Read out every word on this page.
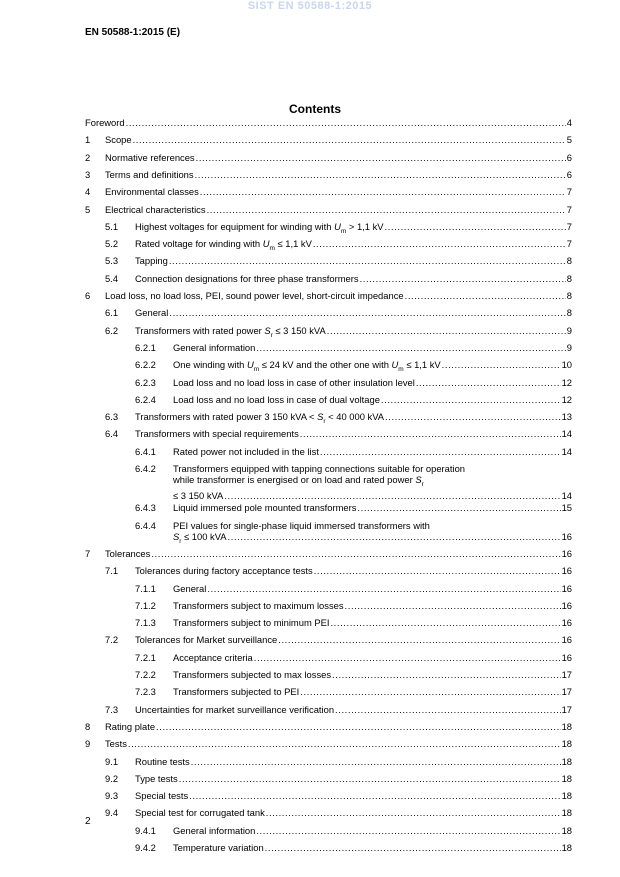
SIST EN 50588-1:2015
EN 50588-1:2015 (E)
Contents
Foreword .....	4
1 Scope .....	5
2 Normative references .....	6
3 Terms and definitions .....	6
4 Environmental classes .....	7
5 Electrical characteristics .....	7
5.1 Highest voltages for equipment for winding with $U_m > 1,1$ kV .....	7
5.2 Rated voltage for winding with $U_m \le 1,1$ kV .....	7
5.3 Tapping .....	8
5.4 Connection designations for three phase transformers .....	8
6 Load loss, no load loss, PEI, sound power level, short-circuit impedance .....	8
6.1 General .....	8
6.2 Transformers with rated power $S_r \le 3$ 150 kVA .....	9
6.2.1 General information .....	9
6.2.2 One winding with $U_m \le 24$ kV and the other one with $U_m \le 1,1$ kV .....	10
6.2.3 Load loss and no load loss in case of other insulation level .....	12
6.2.4 Load loss and no load loss in case of dual voltage .....	12
6.3 Transformers with rated power 3 150 kVA < $S_r < 40$ 000 kVA .....	13
6.4 Transformers with special requirements .....	14
6.4.1 Rated power not included in the list .....	14
6.4.2 Transformers equipped with tapping connections suitable for operation
while transformer is energised or on load and rated power $S_r$
≤ 3 150 kVA .....	14
6.4.3 Liquid immersed pole mounted transformers .....	15
6.4.4 PEI values for single-phase liquid immersed transformers with
$S_r \le 100$ kVA .....	16
7 Tolerances .....	16
7.1 Tolerances during factory acceptance tests .....	16
7.1.1 General .....	16
7.1.2 Transformers subject to maximum losses .....	16
7.1.3 Transformers subject to minimum PEI .....	16
7.2 Tolerances for Market surveillance .....	16
7.2.1 Acceptance criteria .....	16
7.2.2 Transformers subjected to max losses .....	17
7.2.3 Transformers subjected to PEI .....	17
7.3 Uncertainties for market surveillance verification .....	17
8 Rating plate .....	18
9 Tests .....	18
9.1 Routine tests .....	18
9.2 Type tests .....	18
9.3 Special tests .....	18
9.4 Special test for corrugated tank .....	18
9.4.1 General information .....	18
9.4.2 Temperature variation .....	18
2
